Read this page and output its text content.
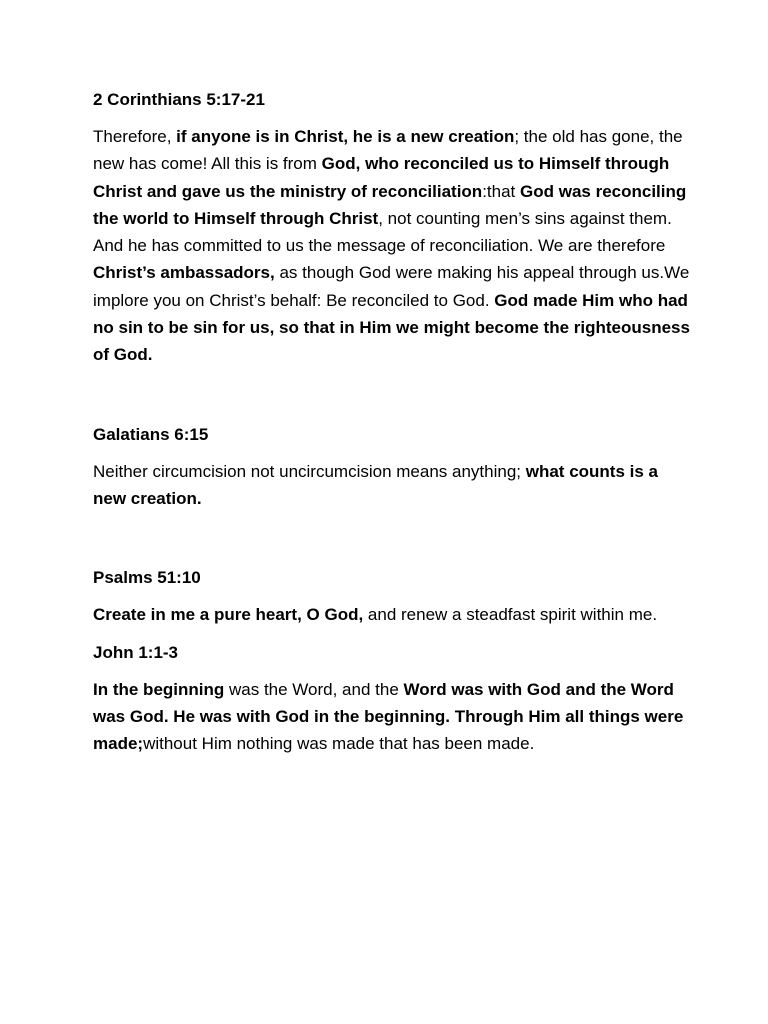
2 Corinthians 5:17-21

Therefore, if anyone is in Christ, he is a new creation; the old has gone, the new has come! All this is from God, who reconciled us to Himself through Christ and gave us the ministry of reconciliation:that God was reconciling the world to Himself through Christ, not counting men’s sins against them. And he has committed to us the message of reconciliation. We are therefore Christ’s ambassadors, as though God were making his appeal through us.We implore you on Christ’s behalf: Be reconciled to God. God made Him who had no sin to be sin for us, so that in Him we might become the righteousness of God.

Galatians 6:15

Neither circumcision not uncircumcision means anything; what counts is a new creation.

Psalms 51:10

Create in me a pure heart, O God, and renew a steadfast spirit within me.

John 1:1-3

In the beginning was the Word, and the Word was with God and the Word was God. He was with God in the beginning. Through Him all things were made;without Him nothing was made that has been made.
